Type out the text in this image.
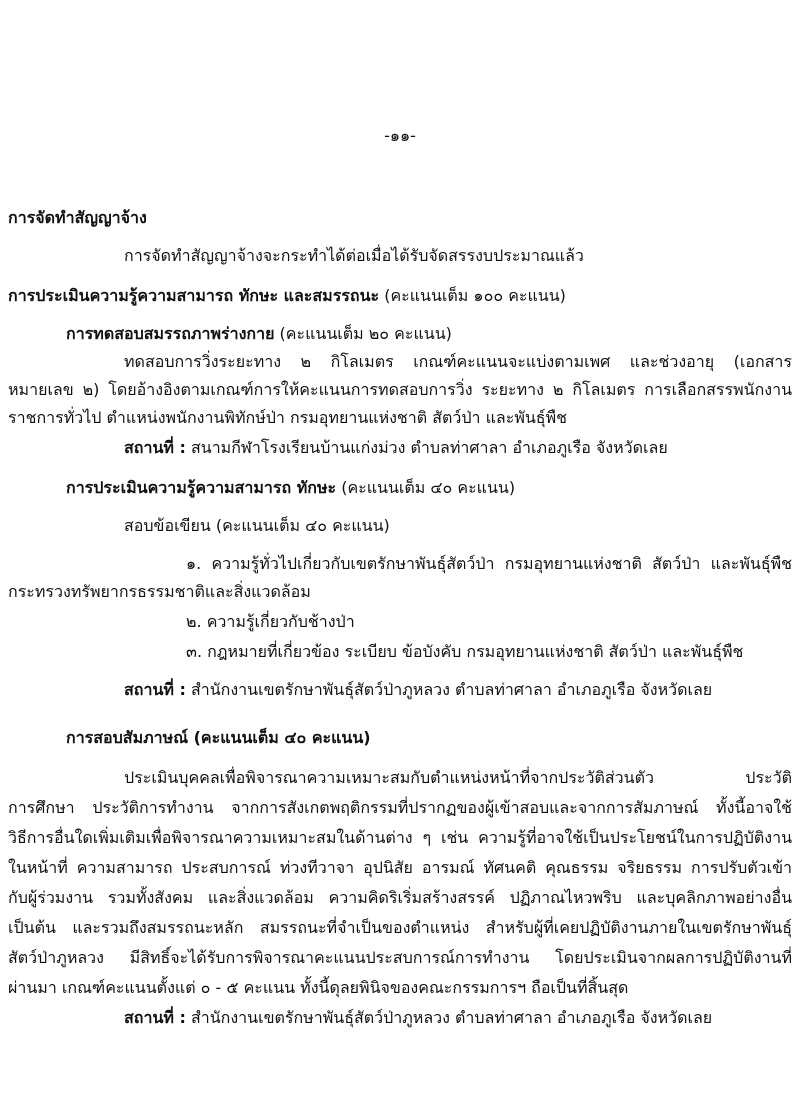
-๑๑-
การจัดทำสัญญาจ้าง
การจัดทำสัญญาจ้างจะกระทำได้ต่อเมื่อได้รับจัดสรรงบประมาณแล้ว
การประเมินความรู้ความสามารถ ทักษะ และสมรรถนะ (คะแนนเต็ม ๑๐๐ คะแนน)
การทดสอบสมรรถภาพร่างกาย (คะแนนเต็ม ๒๐ คะแนน)
ทดสอบการวิ่งระยะทาง ๒ กิโลเมตร เกณฑ์คะแนนจะแบ่งตามเพศ และช่วงอายุ (เอกสาร
หมายเลข ๒) โดยอ้างอิงตามเกณฑ์การให้คะแนนการทดสอบการวิ่ง ระยะทาง ๒ กิโลเมตร การเลือกสรรพนักงาน
ราชการทั่วไป ตำแหน่งพนักงานพิทักษ์ป่า กรมอุทยานแห่งชาติ สัตว์ป่า และพันธุ์พืช
สถานที่ : สนามกีฬาโรงเรียนบ้านแก่งม่วง ตำบลท่าศาลา อำเภอภูเรือ จังหวัดเลย
การประเมินความรู้ความสามารถ ทักษะ (คะแนนเต็ม ๔๐ คะแนน)
สอบข้อเขียน (คะแนนเต็ม ๔๐ คะแนน)
๑. ความรู้ทั่วไปเกี่ยวกับเขตรักษาพันธุ์สัตว์ป่า กรมอุทยานแห่งชาติ สัตว์ป่า และพันธุ์พืช
กระทรวงทรัพยากรธรรมชาติและสิ่งแวดล้อม
๒. ความรู้เกี่ยวกับช้างป่า
๓. กฎหมายที่เกี่ยวข้อง ระเบียบ ข้อบังคับ กรมอุทยานแห่งชาติ สัตว์ป่า และพันธุ์พืช
สถานที่ : สำนักงานเขตรักษาพันธุ์สัตว์ป่าภูหลวง ตำบลท่าศาลา อำเภอภูเรือ จังหวัดเลย
การสอบสัมภาษณ์ (คะแนนเต็ม ๔๐ คะแนน)
ประเมินบุคคลเพื่อพิจารณาความเหมาะสมกับตำแหน่งหน้าที่จากประวัติส่วนตัว ประวัติ
การศึกษา ประวัติการทำงาน จากการสังเกตพฤติกรรมที่ปรากฏของผู้เข้าสอบและจากการสัมภาษณ์ ทั้งนี้อาจใช้
วิธีการอื่นใดเพิ่มเติมเพื่อพิจารณาความเหมาะสมในด้านต่าง ๆ เช่น ความรู้ที่อาจใช้เป็นประโยชน์ในการปฏิบัติงาน
ในหน้าที่ ความสามารถ ประสบการณ์ ท่วงทีวาจา อุปนิสัย อารมณ์ ทัศนคติ คุณธรรม จริยธรรม การปรับตัวเข้า
กับผู้ร่วมงาน รวมทั้งสังคม และสิ่งแวดล้อม ความคิดริเริ่มสร้างสรรค์ ปฏิภาณไหวพริบ และบุคลิกภาพอย่างอื่น
เป็นต้น และรวมถึงสมรรถนะหลัก สมรรถนะที่จำเป็นของตำแหน่ง สำหรับผู้ที่เคยปฏิบัติงานภายในเขตรักษาพันธุ์
สัตว์ป่าภูหลวง มีสิทธิ์จะได้รับการพิจารณาคะแนนประสบการณ์การทำงาน โดยประเมินจากผลการปฏิบัติงานที่
ผ่านมา เกณฑ์คะแนนตั้งแต่ ๐ - ๕ คะแนน ทั้งนี้ดุลยพินิจของคณะกรรมการฯ ถือเป็นที่สิ้นสุด
สถานที่ : สำนักงานเขตรักษาพันธุ์สัตว์ป่าภูหลวง ตำบลท่าศาลา อำเภอภูเรือ จังหวัดเลย
